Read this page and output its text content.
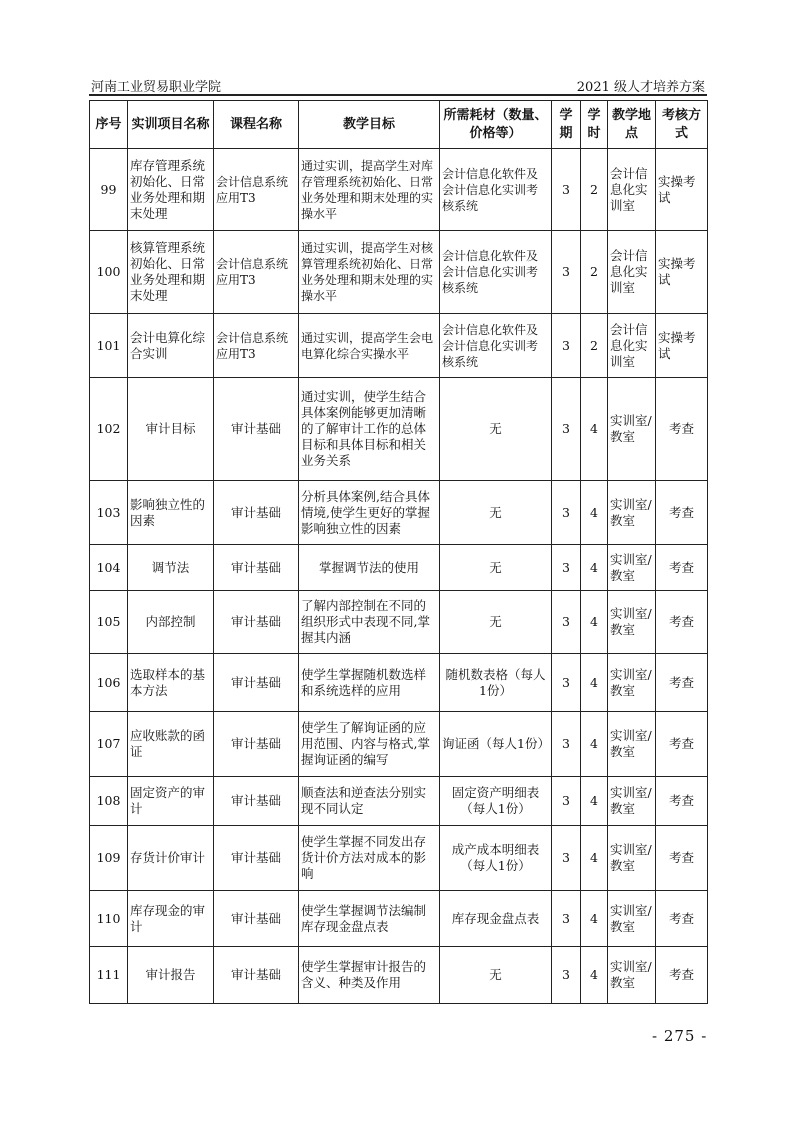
河南工业贸易职业学院	2021 级人才培养方案
序号	实训项目名称	课程名称	教学目标	所需耗材（数量、价格等）	学期	学时	教学地点	考核方式
99	库存管理系统初始化、日常业务处理和期末处理	会计信息系统应用T3	通过实训，提高学生对库存管理系统初始化、日常业务处理和期末处理的实操水平	会计信息化软件及会计信息化实训考核系统	3	2	会计信息化实训室	实操考试
100	核算管理系统初始化、日常业务处理和期末处理	会计信息系统应用T3	通过实训，提高学生对核算管理系统初始化、日常业务处理和期末处理的实操水平	会计信息化软件及会计信息化实训考核系统	3	2	会计信息化实训室	实操考试
101	会计电算化综合实训	会计信息系统应用T3	通过实训，提高学生会电电算化综合实操水平	会计信息化软件及会计信息化实训考核系统	3	2	会计信息化实训室	实操考试
102	审计目标	审计基础	通过实训，使学生结合具体案例能够更加清晰的了解审计工作的总体目标和具体目标和相关业务关系	无	3	4	实训室/教室	考查
103	影响独立性的因素	审计基础	分析具体案例,结合具体情境,使学生更好的掌握影响独立性的因素	无	3	4	实训室/教室	考查
104	调节法	审计基础	掌握调节法的使用	无	3	4	实训室/教室	考查
105	内部控制	审计基础	了解内部控制在不同的组织形式中表现不同,掌握其内涵	无	3	4	实训室/教室	考查
106	选取样本的基本方法	审计基础	使学生掌握随机数选样和系统选样的应用	随机数表格（每人1份）	3	4	实训室/教室	考查
107	应收账款的函证	审计基础	使学生了解询证函的应用范围、内容与格式,掌握询证函的编写	询证函（每人1份）	3	4	实训室/教室	考查
108	固定资产的审计	审计基础	顺查法和逆查法分别实现不同认定	固定资产明细表（每人1份）	3	4	实训室/教室	考查
109	存货计价审计	审计基础	使学生掌握不同发出存货计价方法对成本的影响	成产成本明细表（每人1份）	3	4	实训室/教室	考查
110	库存现金的审计	审计基础	使学生掌握调节法编制库存现金盘点表	库存现金盘点表	3	4	实训室/教室	考查
111	审计报告	审计基础	使学生掌握审计报告的含义、种类及作用	无	3	4	实训室/教室	考查
- 275 -
